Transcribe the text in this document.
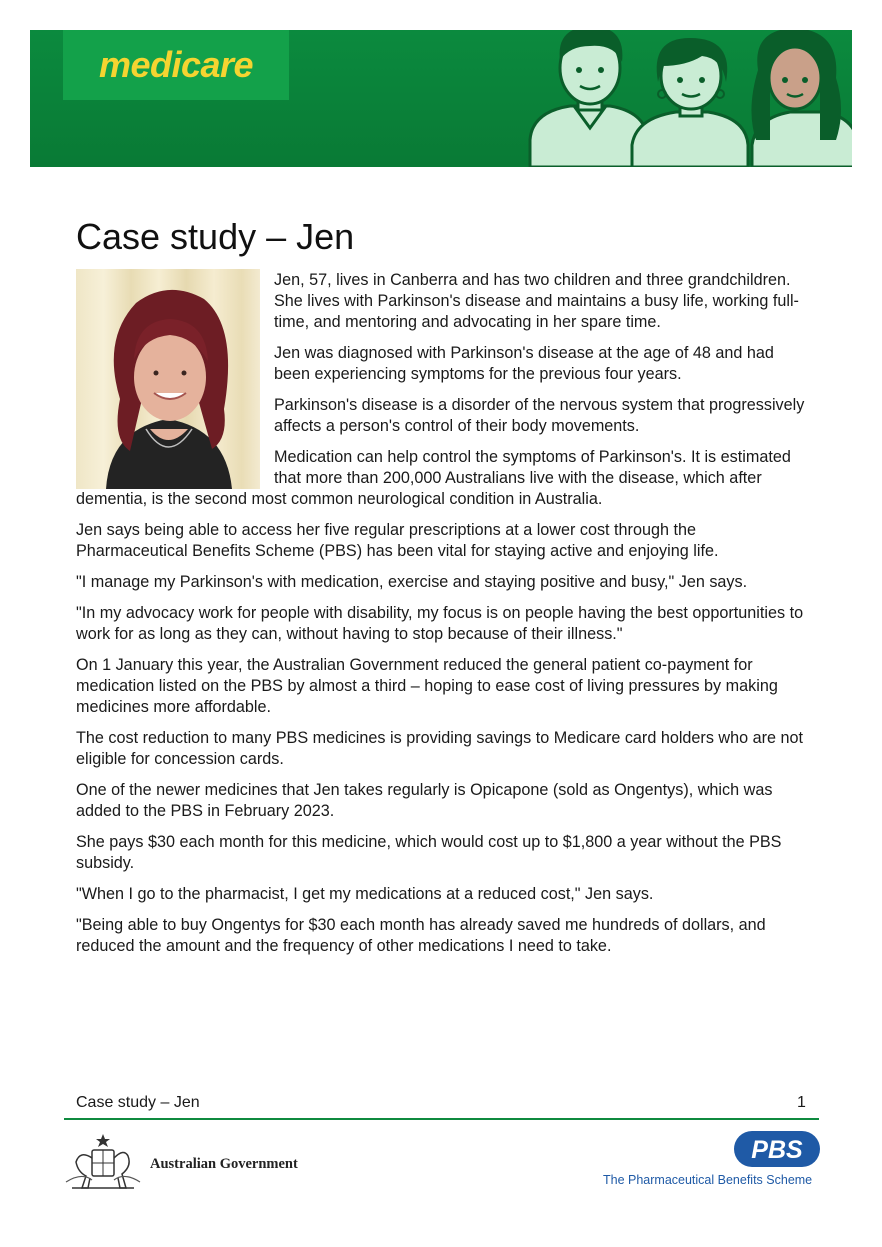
medicare
Case study – Jen

Jen, 57, lives in Canberra and has two children and three grandchildren. She lives with Parkinson's disease and maintains a busy life, working full-time, and mentoring and advocating in her spare time.

Jen was diagnosed with Parkinson's disease at the age of 48 and had been experiencing symptoms for the previous four years.

Parkinson's disease is a disorder of the nervous system that progressively affects a person's control of their body movements.

Medication can help control the symptoms of Parkinson's. It is estimated that more than 200,000 Australians live with the disease, which after dementia, is the second most common neurological condition in Australia.

Jen says being able to access her five regular prescriptions at a lower cost through the Pharmaceutical Benefits Scheme (PBS) has been vital for staying active and enjoying life.

"I manage my Parkinson's with medication, exercise and staying positive and busy," Jen says.

"In my advocacy work for people with disability, my focus is on people having the best opportunities to work for as long as they can, without having to stop because of their illness."

On 1 January this year, the Australian Government reduced the general patient co-payment for medication listed on the PBS by almost a third – hoping to ease cost of living pressures by making medicines more affordable.

The cost reduction to many PBS medicines is providing savings to Medicare card holders who are not eligible for concession cards.

One of the newer medicines that Jen takes regularly is Opicapone (sold as Ongentys), which was added to the PBS in February 2023.

She pays $30 each month for this medicine, which would cost up to $1,800 a year without the PBS subsidy.

"When I go to the pharmacist, I get my medications at a reduced cost," Jen says.

"Being able to buy Ongentys for $30 each month has already saved me hundreds of dollars, and reduced the amount and the frequency of other medications I need to take.

Case study – Jen	1
Australian Government	PBS
The Pharmaceutical Benefits Scheme
